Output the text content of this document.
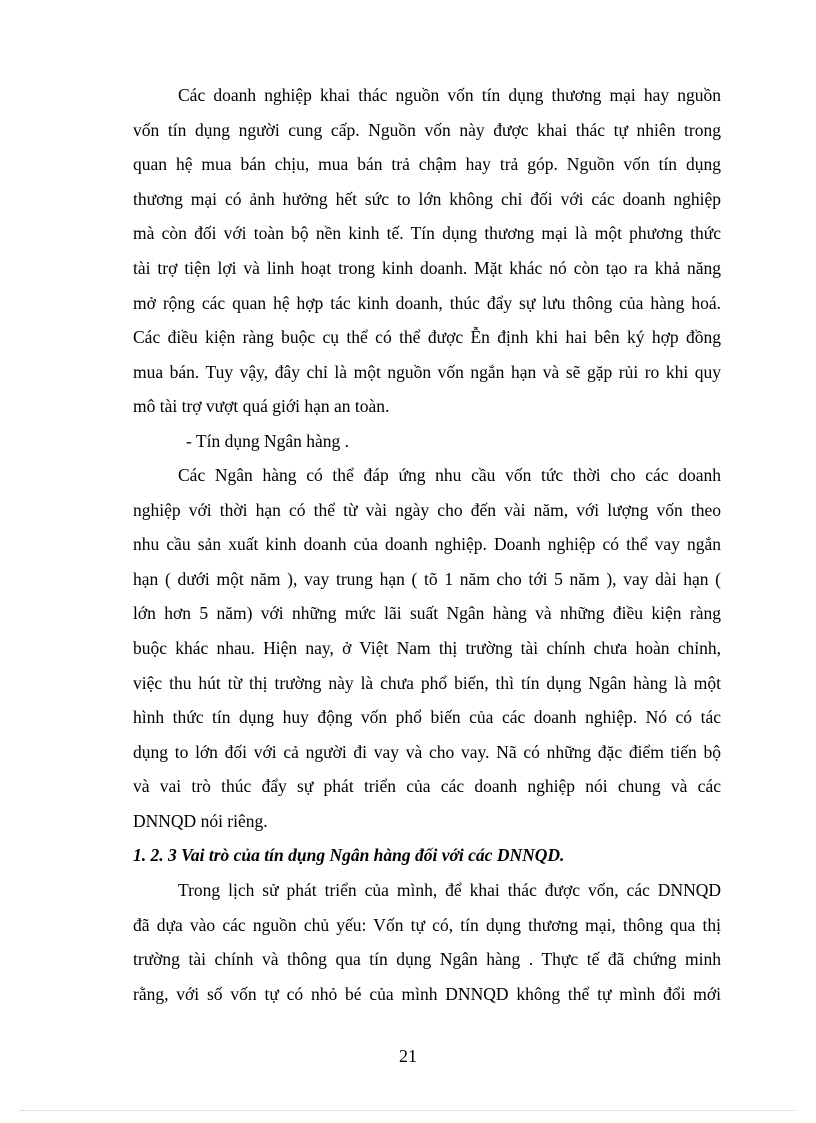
Các doanh nghiệp khai thác nguồn vốn tín dụng thương mại hay nguồn
vốn tín dụng người cung cấp. Nguồn vốn này được khai thác tự nhiên trong
quan hệ mua bán chịu, mua bán trả chậm hay trả góp. Nguồn vốn tín dụng
thương mại có ảnh hưởng hết sức to lớn không chỉ đối với các doanh nghiệp
mà còn đối với toàn bộ nền kinh tế. Tín dụng thương mại là một phương thức
tài trợ tiện lợi và linh hoạt trong kinh doanh. Mặt khác nó còn tạo ra khả năng
mở rộng các quan hệ hợp tác kinh doanh, thúc đẩy sự lưu thông của hàng hoá.
Các điều kiện ràng buộc cụ thể có thể được Ễn định khi hai bên ký hợp đồng
mua bán. Tuy vậy, đây chỉ là một nguồn vốn ngắn hạn và sẽ gặp rủi ro khi quy
mô tài trợ vượt quá giới hạn an toàn.
- Tín dụng Ngân hàng .
Các Ngân hàng có thể đáp ứng nhu cầu vốn tức thời cho các doanh
nghiệp với thời hạn có thể từ vài ngày cho đến vài năm, với lượng vốn theo
nhu cầu sản xuất kinh doanh của doanh nghiệp. Doanh nghiệp có thể vay ngắn
hạn ( dưới một năm ), vay trung hạn ( tõ 1 năm cho tới 5 năm ), vay dài hạn (
lớn hơn 5 năm) với những mức lãi suất Ngân hàng và những điều kiện ràng
buộc khác nhau. Hiện nay, ở Việt Nam thị trường tài chính chưa hoàn chỉnh,
việc thu hút từ thị trường này là chưa phổ biến, thì tín dụng Ngân hàng là một
hình thức tín dụng huy động vốn phổ biến của các doanh nghiệp. Nó có tác
dụng to lớn đối với cả người đi vay và cho vay. Nã có những đặc điểm tiến bộ
và vai trò thúc đẩy sự phát triển của các doanh nghiệp nói chung và các
DNNQD nói riêng.
1. 2. 3 Vai trò của tín dụng Ngân hàng đối với các DNNQD.
Trong lịch sử phát triển của mình, để khai thác được vốn, các DNNQD
đã dựa vào các nguồn chủ yếu: Vốn tự có, tín dụng thương mại, thông qua thị
trường tài chính và thông qua tín dụng Ngân hàng . Thực tế đã chứng minh
rằng, với số vốn tự có nhỏ bé của mình DNNQD không thể tự mình đổi mới
21
